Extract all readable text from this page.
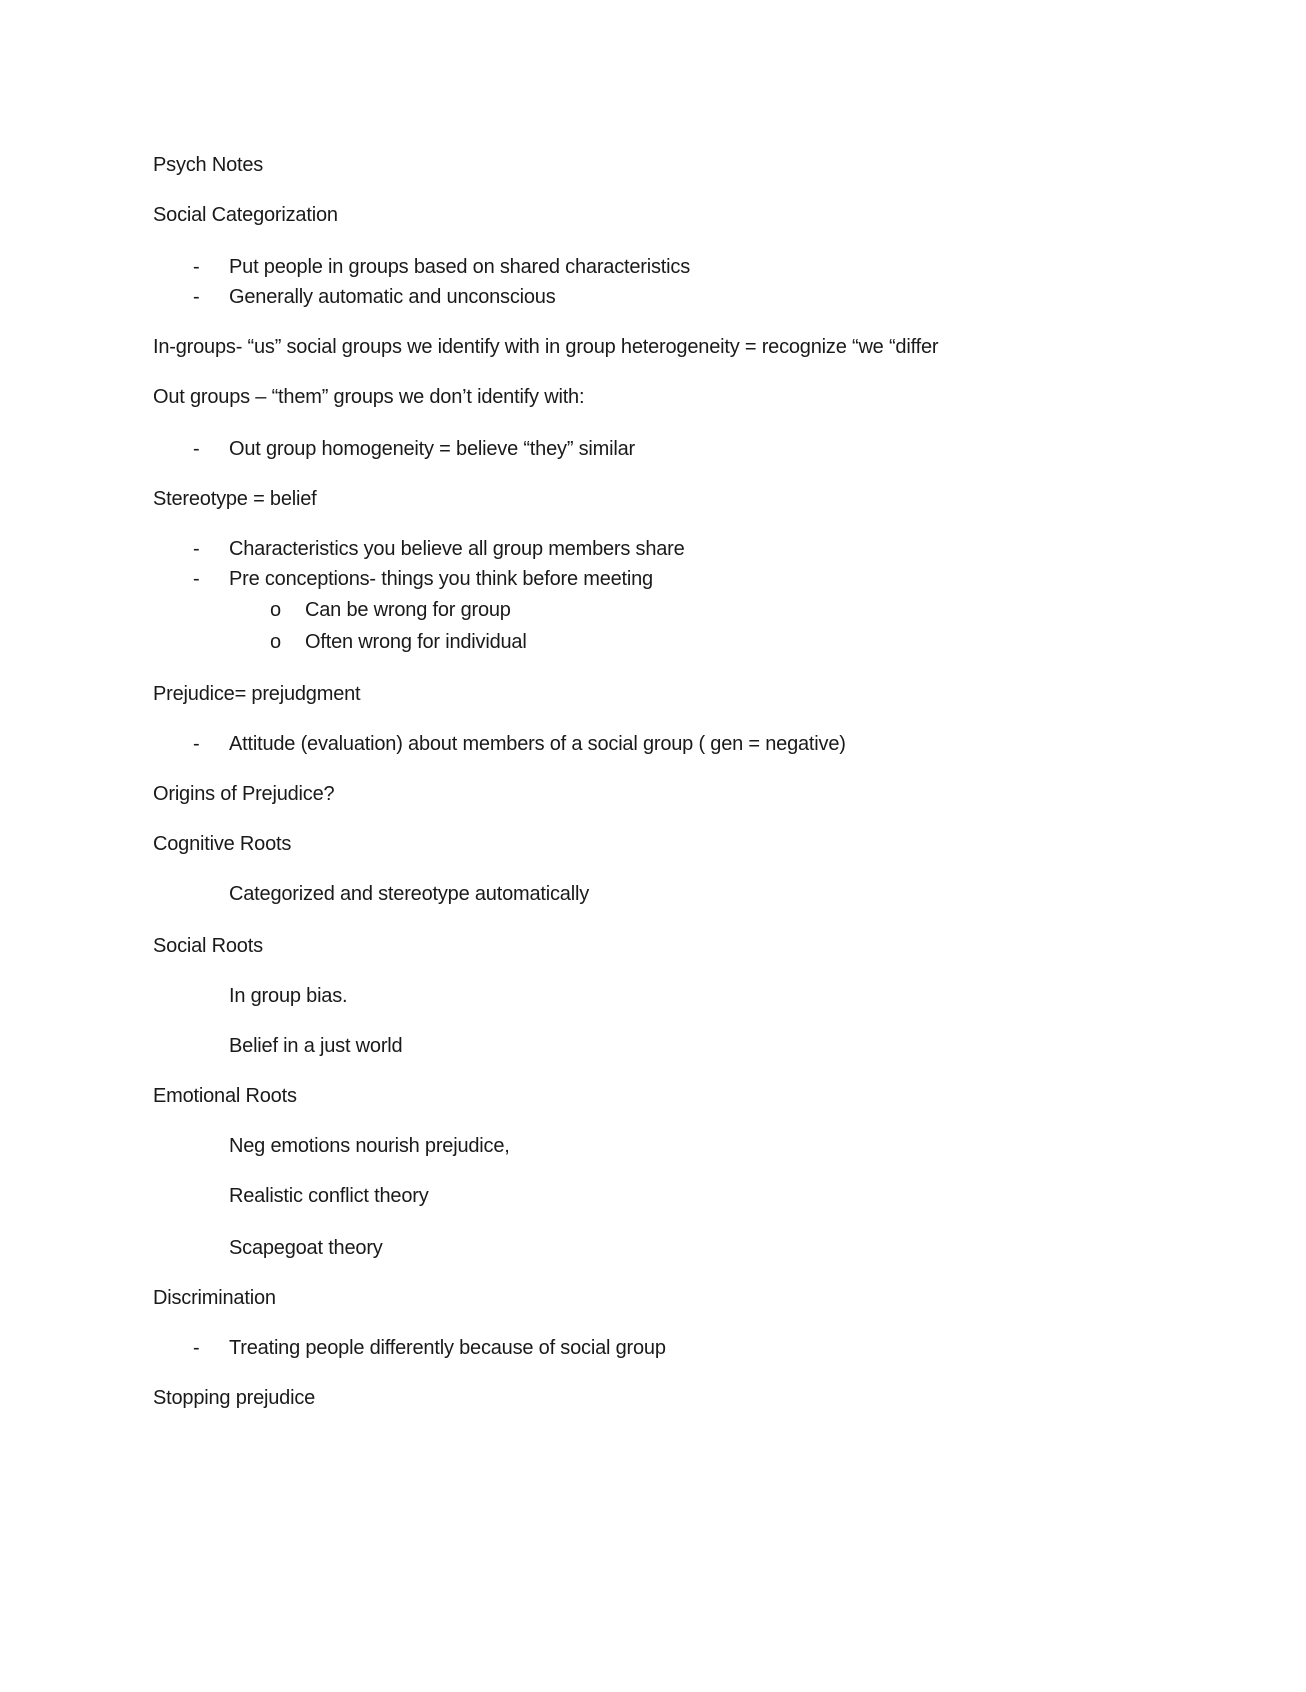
Psych Notes
Social Categorization
- Put people in groups based on shared characteristics
- Generally automatic and unconscious
In-groups- “us” social groups we identify with in group heterogeneity = recognize “we “differ
Out groups – “them” groups we don’t identify with:
- Out group homogeneity = believe “they” similar
Stereotype = belief
- Characteristics you believe all group members share
- Pre conceptions- things you think before meeting
o Can be wrong for group
o Often wrong for individual
Prejudice= prejudgment
- Attitude (evaluation) about members of a social group ( gen = negative)
Origins of Prejudice?
Cognitive Roots
Categorized and stereotype automatically
Social Roots
In group bias.
Belief in a just world
Emotional Roots
Neg emotions nourish prejudice,
Realistic conflict theory
Scapegoat theory
Discrimination
- Treating people differently because of social group
Stopping prejudice
